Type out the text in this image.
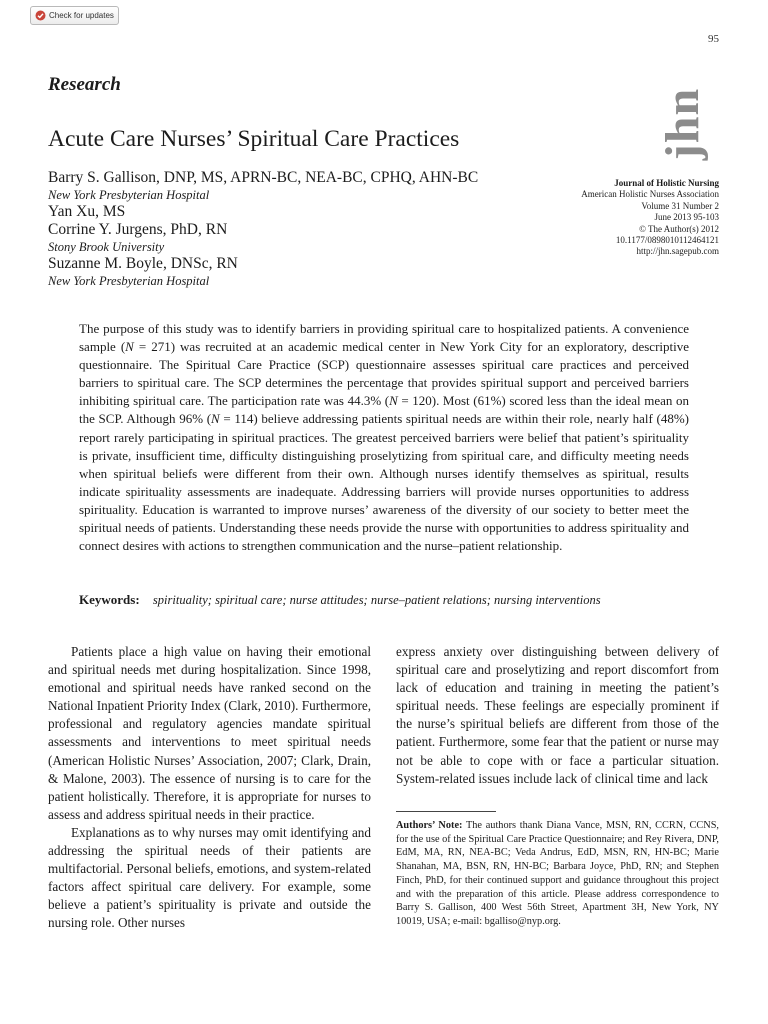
Check for updates
95
Research
Acute Care Nurses’ Spiritual Care Practices	jhn
Barry S. Gallison, DNP, MS, APRN-BC, NEA-BC, CPHQ, AHN-BC
New York Presbyterian Hospital
Yan Xu, MS
Corrine Y. Jurgens, PhD, RN
Stony Brook University
Suzanne M. Boyle, DNSc, RN
New York Presbyterian Hospital
Journal of Holistic Nursing
American Holistic Nurses Association
Volume 31 Number 2
June 2013 95-103
© The Author(s) 2012
10.1177/0898010112464121
http://jhn.sagepub.com

The purpose of this study was to identify barriers in providing spiritual care to hospitalized patients. A convenience sample (N = 271) was recruited at an academic medical center in New York City for an exploratory, descriptive questionnaire. The Spiritual Care Practice (SCP) questionnaire assesses spiritual care practices and perceived barriers to spiritual care. The SCP determines the percentage that provides spiritual support and perceived barriers inhibiting spiritual care. The participation rate was 44.3% (N = 120). Most (61%) scored less than the ideal mean on the SCP. Although 96% (N = 114) believe addressing patients spiritual needs are within their role, nearly half (48%) report rarely participating in spiritual practices. The greatest perceived barriers were belief that patient’s spirituality is private, insufficient time, difficulty distinguishing proselytizing from spiritual care, and difficulty meeting needs when spiritual beliefs were different from their own. Although nurses identify themselves as spiritual, results indicate spirituality assessments are inadequate. Addressing barriers will provide nurses opportunities to address spirituality. Education is warranted to improve nurses’ awareness of the diversity of our society to better meet the spiritual needs of patients. Understanding these needs provide the nurse with opportunities to address spirituality and connect desires with actions to strengthen communication and the nurse–patient relationship.

Keywords: spirituality; spiritual care; nurse attitudes; nurse–patient relations; nursing interventions

Patients place a high value on having their emotional and spiritual needs met during hospitalization. Since 1998, emotional and spiritual needs have ranked second on the National Inpatient Priority Index (Clark, 2010). Furthermore, professional and regulatory agencies mandate spiritual assessments and interventions to meet spiritual needs (American Holistic Nurses’ Association, 2007; Clark, Drain, & Malone, 2003). The essence of nursing is to care for the patient holistically. Therefore, it is appropriate for nurses to assess and address spiritual needs in their practice.

Explanations as to why nurses may omit identifying and addressing the spiritual needs of their patients are multifactorial. Personal beliefs, emotions, and system-related factors affect spiritual care delivery. For example, some believe a patient’s spirituality is private and outside the nursing role. Other nurses

express anxiety over distinguishing between delivery of spiritual care and proselytizing and report discomfort from lack of education and training in meeting the patient’s spiritual needs. These feelings are especially prominent if the nurse’s spiritual beliefs are different from those of the patient. Furthermore, some fear that the patient or nurse may not be able to cope with or face a particular situation. System-related issues include lack of clinical time and lack

Authors’ Note: The authors thank Diana Vance, MSN, RN, CCRN, CCNS, for the use of the Spiritual Care Practice Questionnaire; and Rey Rivera, DNP, EdM, MA, RN, NEA-BC; Veda Andrus, EdD, MSN, RN, HN-BC; Marie Shanahan, MA, BSN, RN, HN-BC; Barbara Joyce, PhD, RN; and Stephen Finch, PhD, for their continued support and guidance throughout this project and with the preparation of this article. Please address correspondence to Barry S. Gallison, 400 West 56th Street, Apartment 3H, New York, NY 10019, USA; e-mail: bgalliso@nyp.org.
